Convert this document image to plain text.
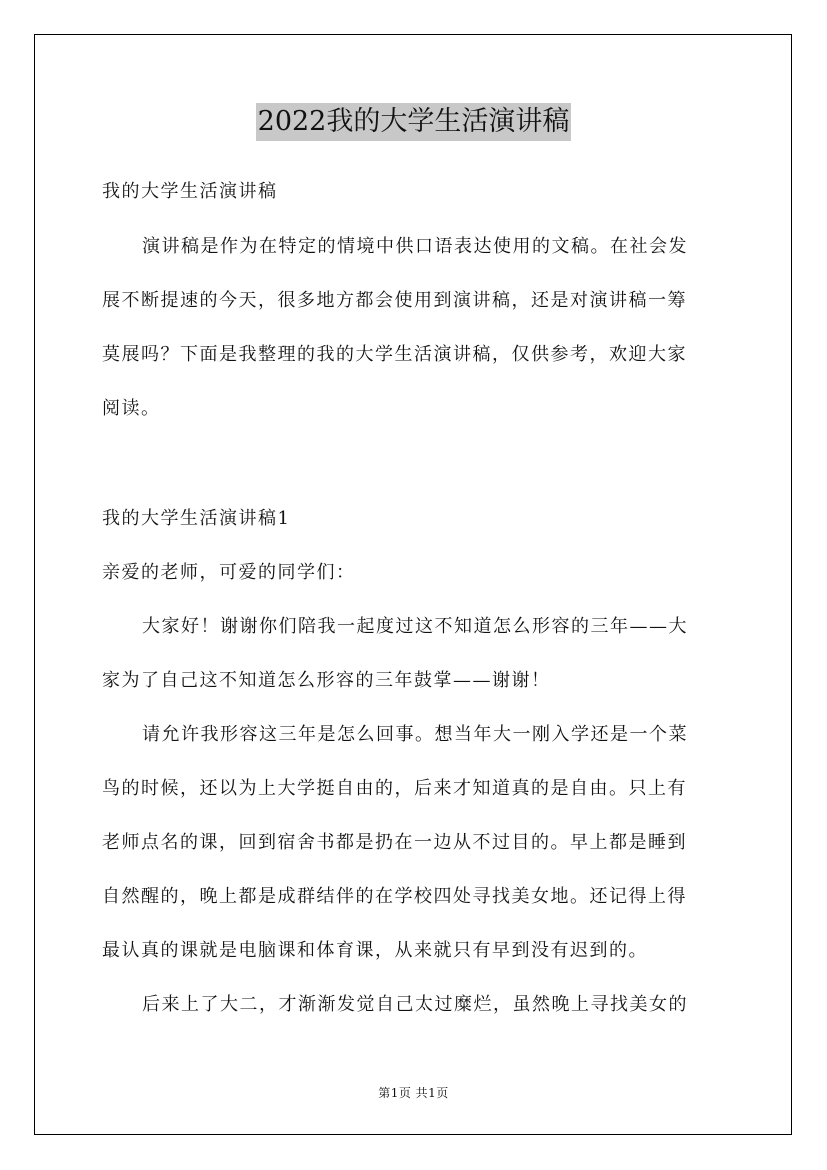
2022我的大学生活演讲稿
我的大学生活演讲稿
演讲稿是作为在特定的情境中供口语表达使用的文稿。在社会发
展不断提速的今天，很多地方都会使用到演讲稿，还是对演讲稿一筹
莫展吗？下面是我整理的我的大学生活演讲稿，仅供参考，欢迎大家
阅读。
我的大学生活演讲稿1
亲爱的老师，可爱的同学们：
大家好！谢谢你们陪我一起度过这不知道怎么形容的三年——大
家为了自己这不知道怎么形容的三年鼓掌——谢谢！
请允许我形容这三年是怎么回事。想当年大一刚入学还是一个菜
鸟的时候，还以为上大学挺自由的，后来才知道真的是自由。只上有
老师点名的课，回到宿舍书都是扔在一边从不过目的。早上都是睡到
自然醒的，晚上都是成群结伴的在学校四处寻找美女地。还记得上得
最认真的课就是电脑课和体育课，从来就只有早到没有迟到的。
后来上了大二，才渐渐发觉自己太过糜烂，虽然晚上寻找美女的
第1页 共1页
